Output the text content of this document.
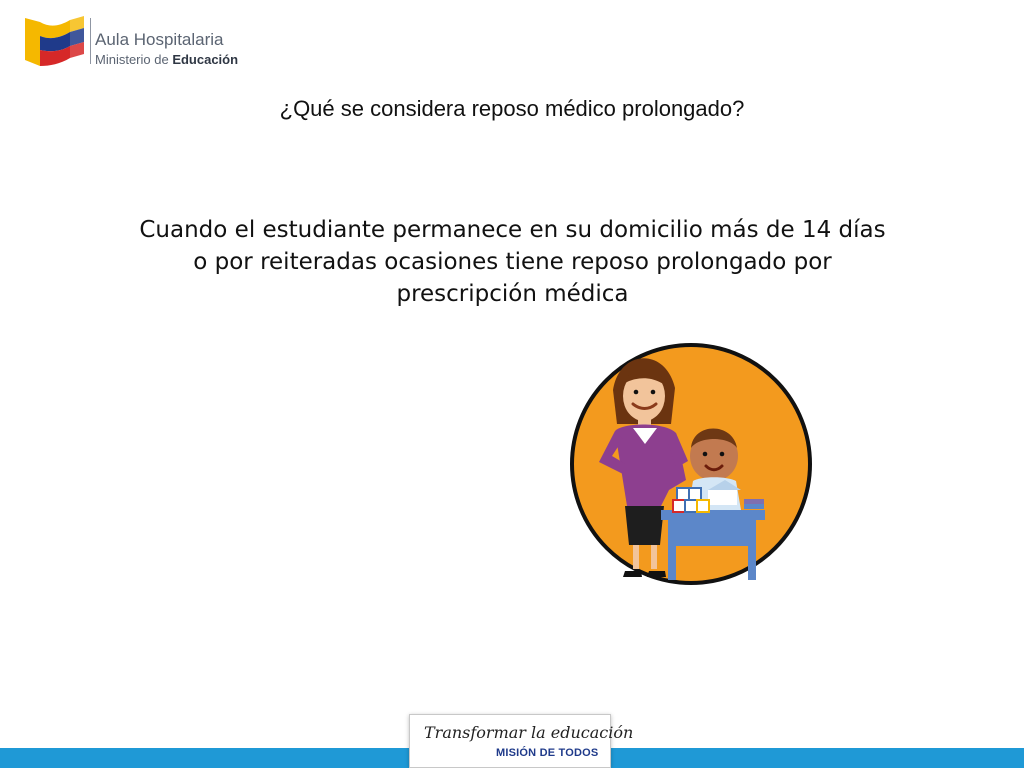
Aula Hospitalaria
Ministerio de Educación
¿Qué se considera reposo médico prolongado?
Cuando el estudiante permanece en su domicilio más de 14 días o por reiteradas ocasiones tiene reposo prolongado por prescripción médica
Transformar la educación
MISIÓN DE TODOS
